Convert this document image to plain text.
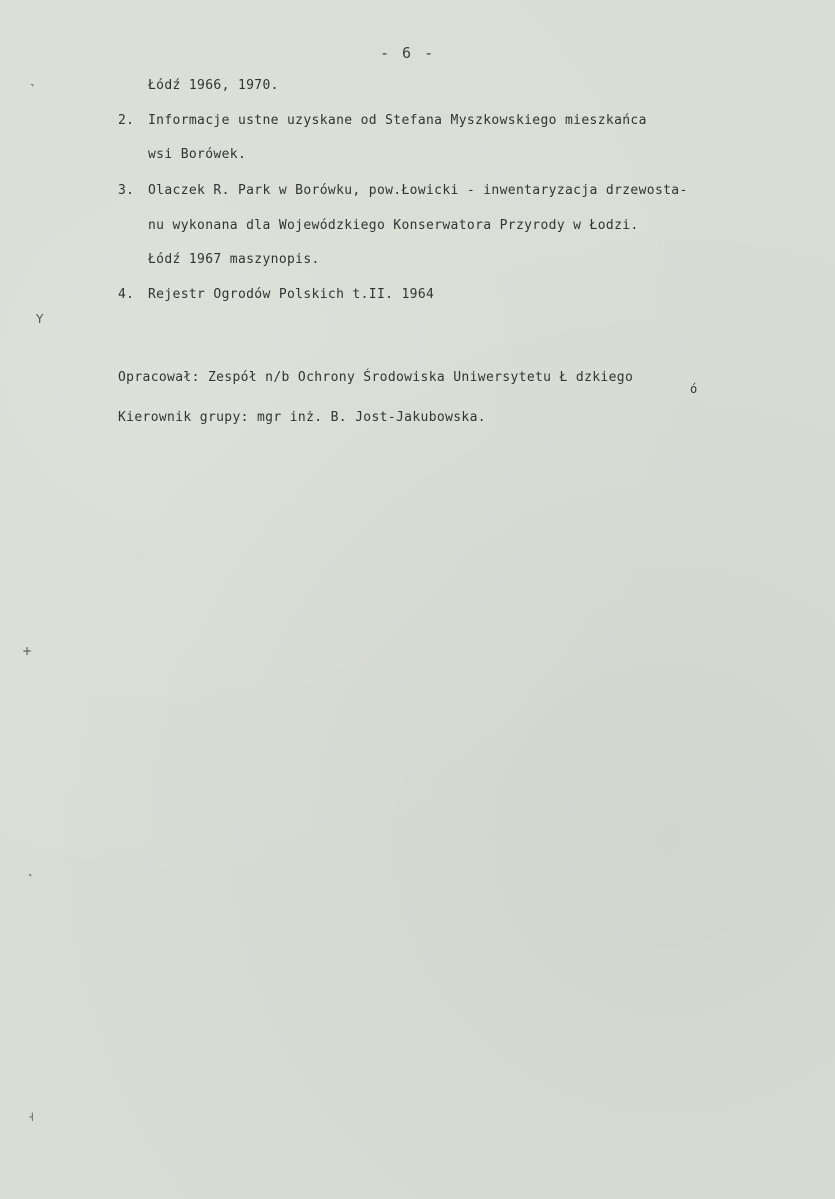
- 6 -
Łódź 1966, 1970.
2. Informacje ustne uzyskane od Stefana Myszkowskiego mieszkańca
wsi Borówek.
3. Olaczek R. Park w Borówku, pow.Łowicki - inwentaryzacja drzewosta-
nu wykonana dla Wojewódzkiego Konserwatora Przyrody w Łodzi.
Łódź 1967 maszynopis.
4. Rejestr Ogrodów Polskich t.II. 1964
Opracował: Zespół n/b Ochrony Środowiska Uniwersytetu Ł dzkiego
ó
Kierownik grupy: mgr inż. B. Jost-Jakubowska.
˺
Y
+
˺
˧
